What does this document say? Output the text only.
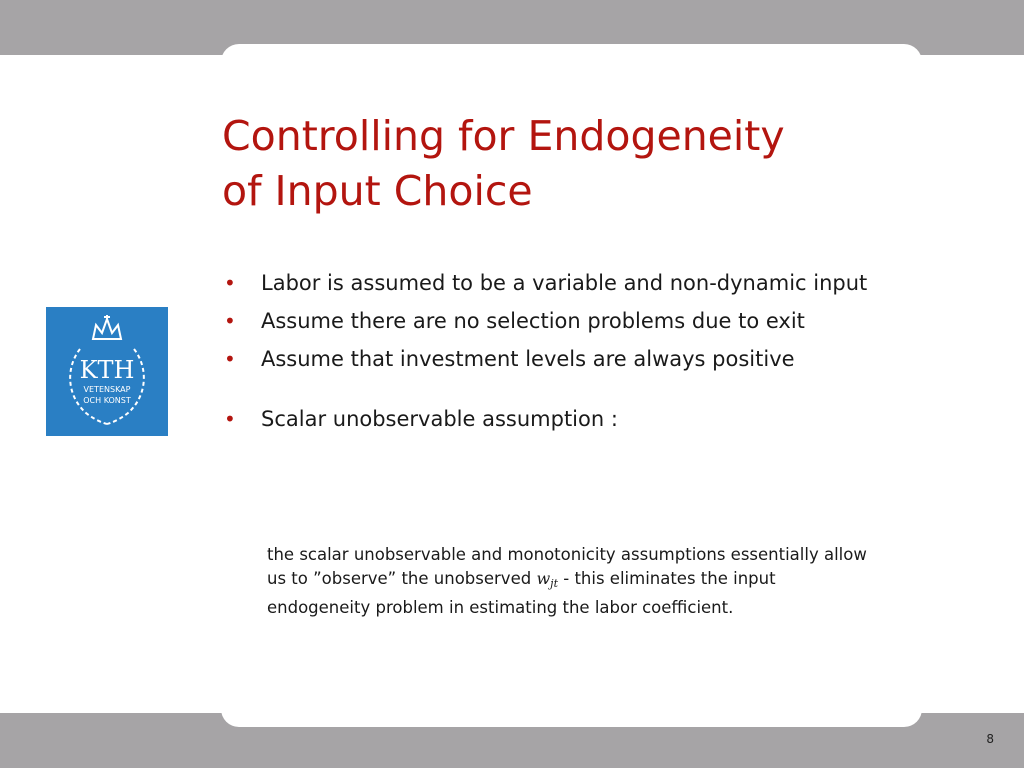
Controlling for Endogeneity
of Input Choice
KTH
VETENSKAP
OCH KONST
• Labor is assumed to be a variable and non-dynamic input
• Assume there are no selection problems due to exit
• Assume that investment levels are always positive
• Scalar unobservable assumption :
the scalar unobservable and monotonicity assumptions essentially allow us to ”observe” the unobserved $w_{jt}$ - this eliminates the input endogeneity problem in estimating the labor coefficient.
8
